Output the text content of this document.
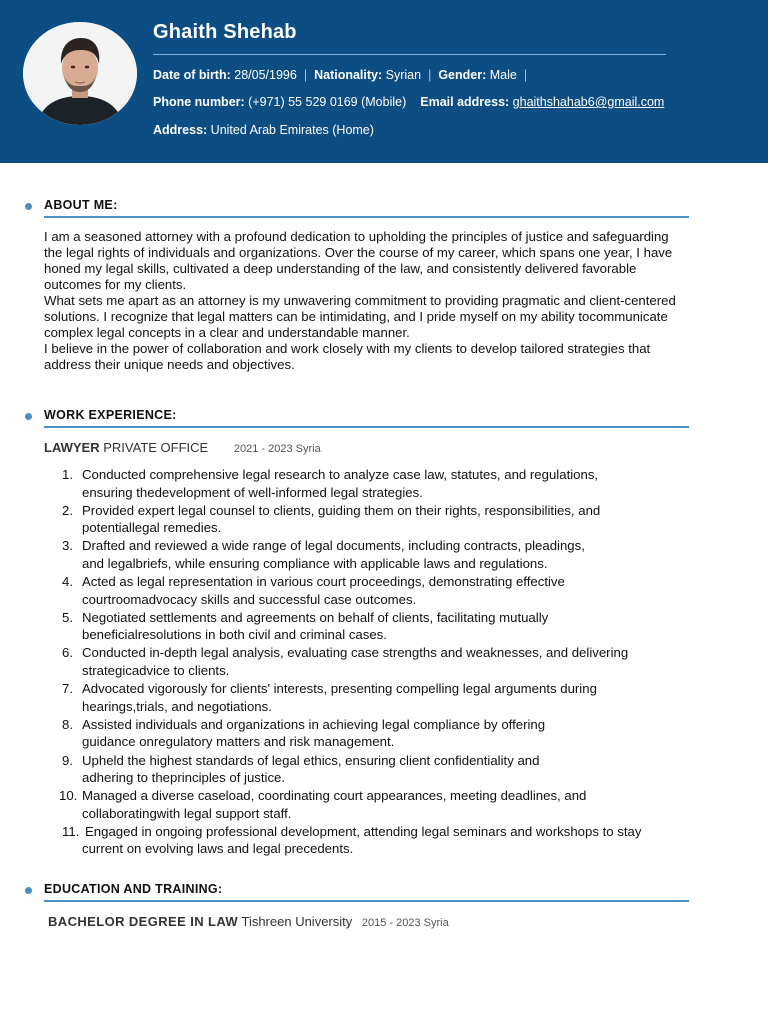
Ghaith Shehab
Date of birth: 28/05/1996 | Nationality: Syrian | Gender: Male |
Phone number: (+971) 55 529 0169 (Mobile) Email address: ghaithshahab6@gmail.com
Address: United Arab Emirates (Home)
ABOUT ME:

I am a seasoned attorney with a profound dedication to upholding the principles of justice and safeguarding the legal rights of individuals and organizations. Over the course of my career, which spans one year, I have honed my legal skills, cultivated a deep understanding of the law, and consistently delivered favorable outcomes for my clients.

What sets me apart as an attorney is my unwavering commitment to providing pragmatic and client-centered solutions. I recognize that legal matters can be intimidating, and I pride myself on my ability tocommunicate complex legal concepts in a clear and understandable manner.

I believe in the power of collaboration and work closely with my clients to develop tailored strategies that address their unique needs and objectives.

WORK EXPERIENCE:
LAWYER PRIVATE OFFICE 2021 - 2023 Syria
1. Conducted comprehensive legal research to analyze case law, statutes, and regulations,
ensuring thedevelopment of well-informed legal strategies.
2. Provided expert legal counsel to clients, guiding them on their rights, responsibilities, and
potentiallegal remedies.
3. Drafted and reviewed a wide range of legal documents, including contracts, pleadings,
and legalbriefs, while ensuring compliance with applicable laws and regulations.
4. Acted as legal representation in various court proceedings, demonstrating effective
courtroomadvocacy skills and successful case outcomes.
5. Negotiated settlements and agreements on behalf of clients, facilitating mutually
beneficialresolutions in both civil and criminal cases.
6. Conducted in-depth legal analysis, evaluating case strengths and weaknesses, and delivering
strategicadvice to clients.
7. Advocated vigorously for clients' interests, presenting compelling legal arguments during
hearings,trials, and negotiations.
8. Assisted individuals and organizations in achieving legal compliance by offering
guidance onregulatory matters and risk management.
9. Upheld the highest standards of legal ethics, ensuring client confidentiality and
adhering to theprinciples of justice.
10. Managed a diverse caseload, coordinating court appearances, meeting deadlines, and
collaboratingwith legal support staff.
11. Engaged in ongoing professional development, attending legal seminars and workshops to stay
current on evolving laws and legal precedents.
EDUCATION AND TRAINING:
BACHELOR DEGREE IN LAW Tishreen University 2015 - 2023 Syria
